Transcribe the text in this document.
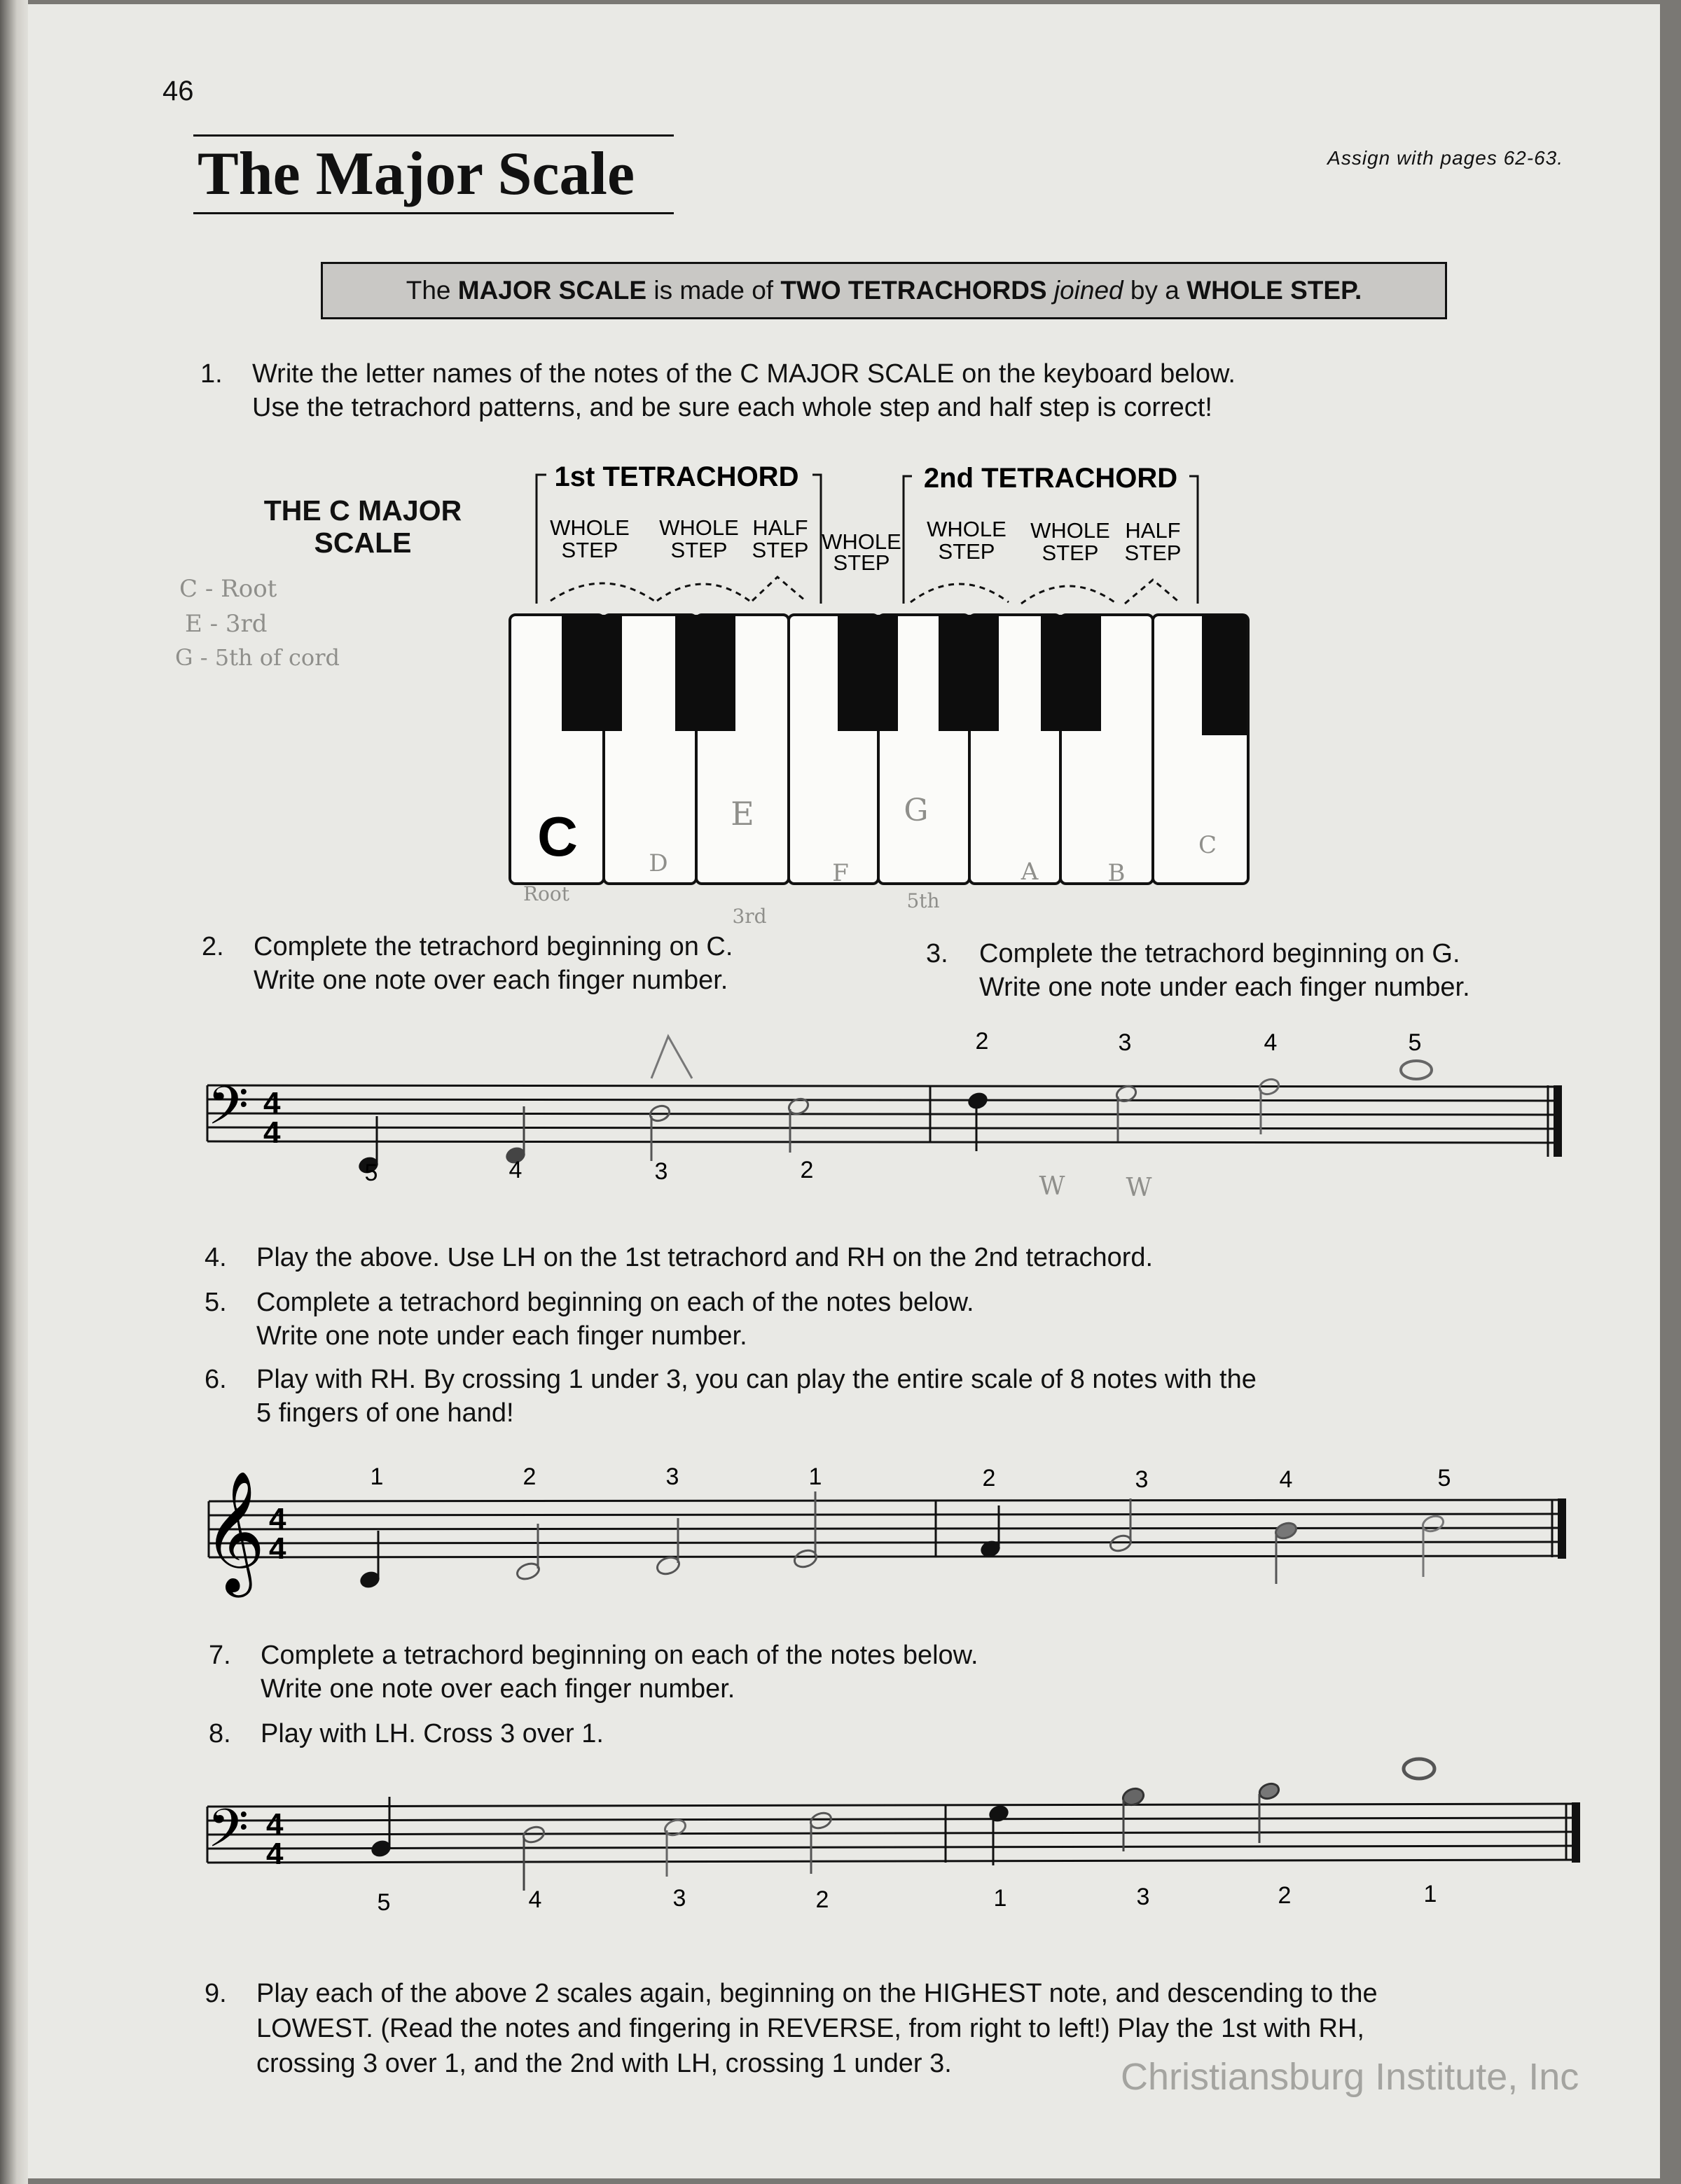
46
The Major Scale	Assign with pages 62-63.
The MAJOR SCALE is made of TWO TETRACHORDS joined by a WHOLE STEP.
1. Write the letter names of the notes of the C MAJOR SCALE on the keyboard below.
Use the tetrachord patterns, and be sure each whole step and half step is correct!
THE C MAJOR
SCALE
2. Complete the tetrachord beginning on C.
Write one note over each finger number.
3. Complete the tetrachord beginning on G.
Write one note under each finger number.
4. Play the above. Use LH on the 1st tetrachord and RH on the 2nd tetrachord.
5. Complete a tetrachord beginning on each of the notes below.
Write one note under each finger number.
6. Play with RH. By crossing 1 under 3, you can play the entire scale of 8 notes with the
5 fingers of one hand!
7. Complete a tetrachord beginning on each of the notes below.
Write one note over each finger number.
8. Play with LH. Cross 3 over 1.
9. Play each of the above 2 scales again, beginning on the HIGHEST note, and descending to the
LOWEST. (Read the notes and fingering in REVERSE, from right to left!) Play the 1st with RH,
crossing 3 over 1, and the 2nd with LH, crossing 1 under 3.
C - Root
E - 3rd
G - 5th of cord
1st TETRACHORD	2nd TETRACHORD
WHOLE
STEP
WHOLE
STEP
HALF
STEP WHOLE
STEP
WHOLE
STEP
WHOLE
STEP
HALF
STEP
C	D
E
F
G
A	B
C
Root
3rd
5th
𝄢 4
4
5	4	3	2
2	3	4	5
W W
𝄞 4
4
1	2	3	1	2	3	4	5
𝄢 4
4
5	4	3	2	1	3	2	1
Christiansburg Institute, Inc
